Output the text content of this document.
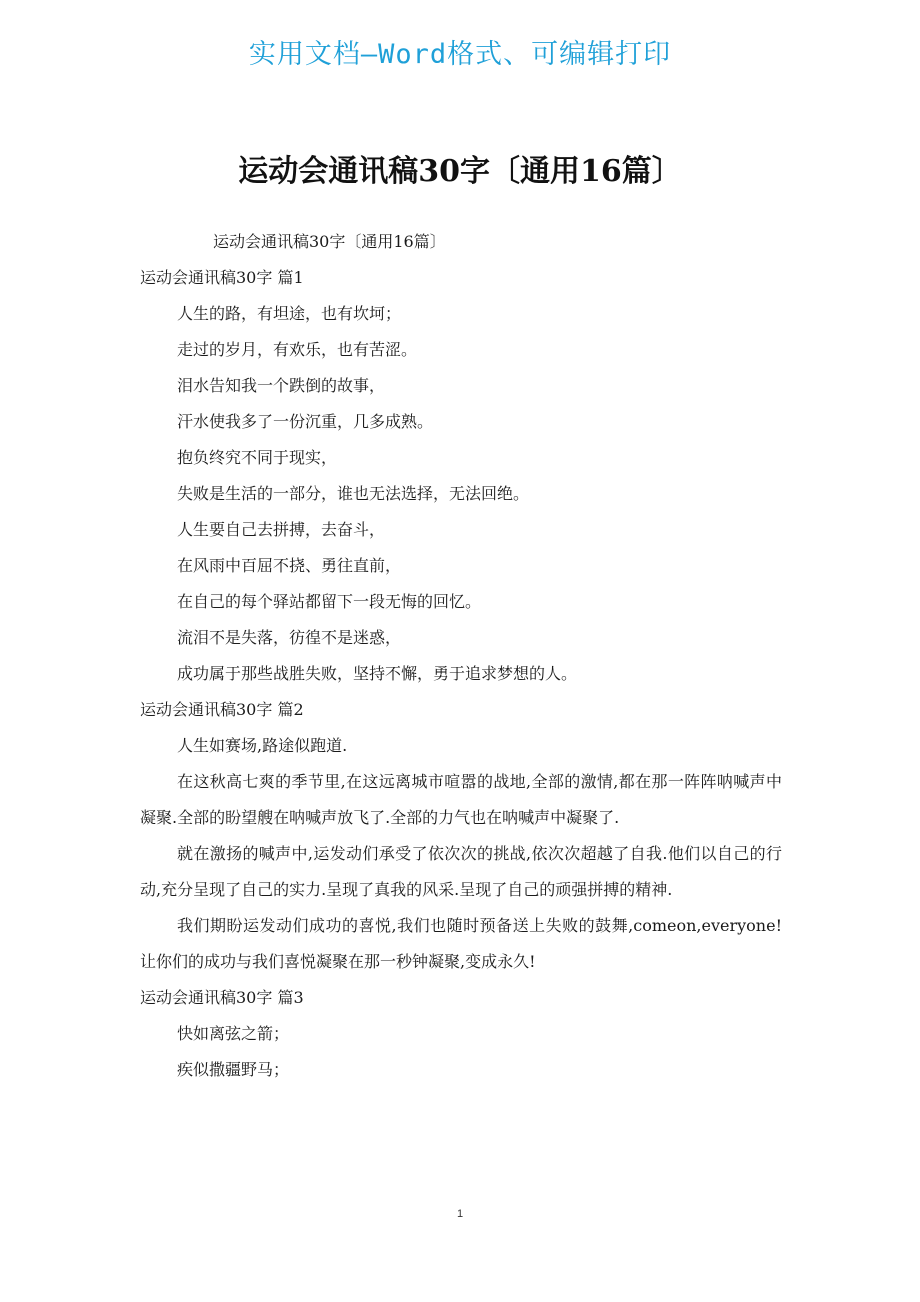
实用文档—Word格式、可编辑打印
运动会通讯稿30字〔通用16篇〕

运动会通讯稿30字〔通用16篇〕

运动会通讯稿30字 篇1

人生的路，有坦途，也有坎坷；

走过的岁月，有欢乐，也有苦涩。

泪水告知我一个跌倒的故事，

汗水使我多了一份沉重，几多成熟。

抱负终究不同于现实，

失败是生活的一部分，谁也无法选择，无法回绝。

人生要自己去拼搏，去奋斗，

在风雨中百屈不挠、勇往直前，

在自己的每个驿站都留下一段无悔的回忆。

流泪不是失落，彷徨不是迷惑，

成功属于那些战胜失败，坚持不懈，勇于追求梦想的人。

运动会通讯稿30字 篇2

人生如赛场,路途似跑道.

在这秋高七爽的季节里,在这远离城市喧嚣的战地,全部的激情,都在那一阵阵呐喊声中凝聚.全部的盼望艘在呐喊声放飞了.全部的力气也在呐喊声中凝聚了.

就在激扬的喊声中,运发动们承受了依次次的挑战,依次次超越了自我.他们以自己的行动,充分呈现了自己的实力.呈现了真我的风采.呈现了自己的顽强拼搏的精神.

我们期盼运发动们成功的喜悦,我们也随时预备送上失败的鼓舞,comeon,everyone!让你们的成功与我们喜悦凝聚在那一秒钟凝聚,变成永久!

运动会通讯稿30字 篇3

快如离弦之箭；

疾似撒疆野马；

1
